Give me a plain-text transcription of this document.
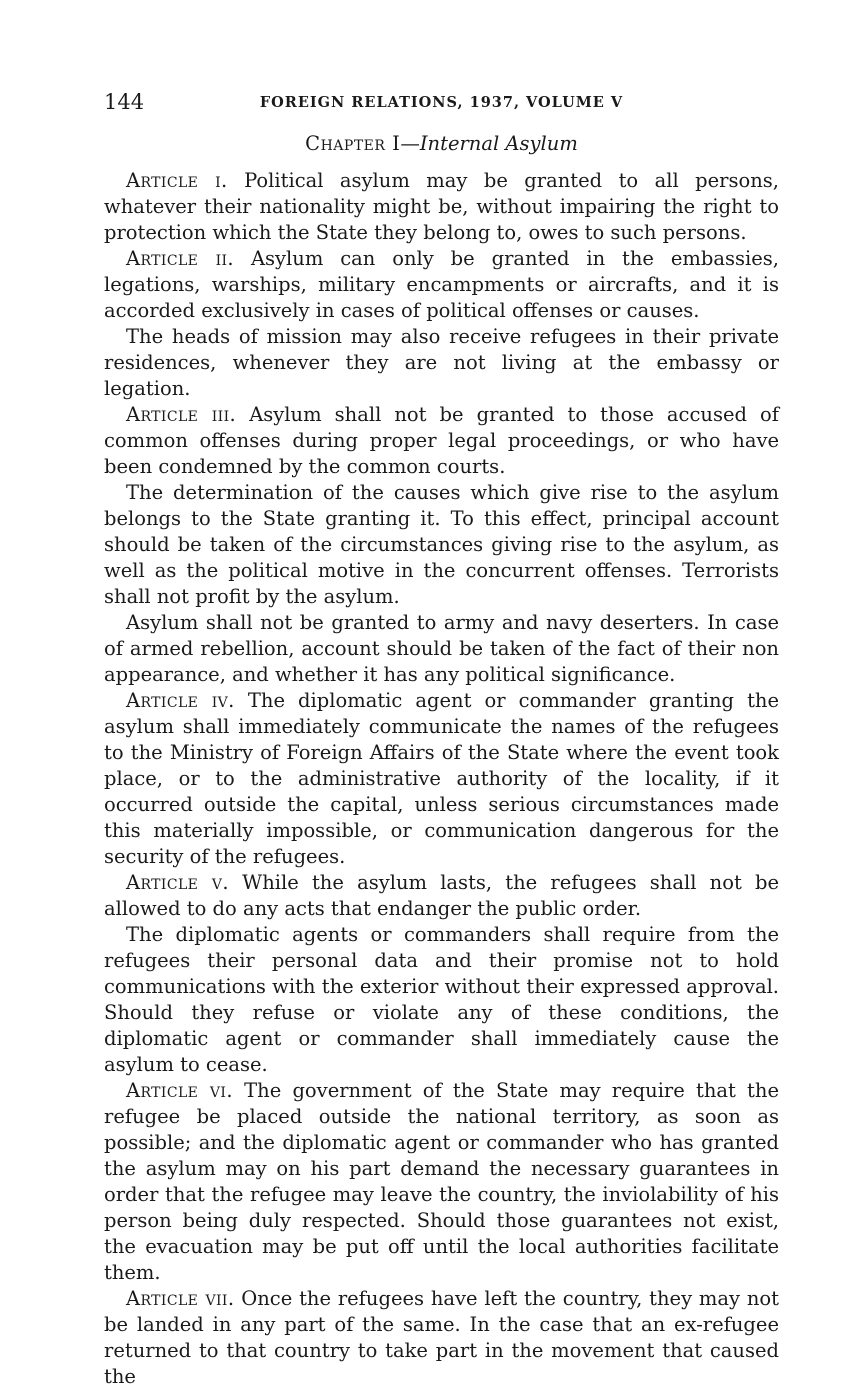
144	FOREIGN RELATIONS, 1937, VOLUME V
Chapter I—Internal Asylum

Article i. Political asylum may be granted to all persons, whatever their nationality might be, without impairing the right to protection which the State they belong to, owes to such persons.

Article ii. Asylum can only be granted in the embassies, legations, warships, military encampments or aircrafts, and it is accorded exclusively in cases of political offenses or causes.

The heads of mission may also receive refugees in their private residences, whenever they are not living at the embassy or legation.

Article iii. Asylum shall not be granted to those accused of common offenses during proper legal proceedings, or who have been condemned by the common courts.

The determination of the causes which give rise to the asylum belongs to the State granting it. To this effect, principal account should be taken of the circumstances giving rise to the asylum, as well as the political motive in the concurrent offenses. Terrorists shall not profit by the asylum.

Asylum shall not be granted to army and navy deserters. In case of armed rebellion, account should be taken of the fact of their non appearance, and whether it has any political significance.

Article iv. The diplomatic agent or commander granting the asylum shall immediately communicate the names of the refugees to the Ministry of Foreign Affairs of the State where the event took place, or to the administrative authority of the locality, if it occurred outside the capital, unless serious circumstances made this materially impossible, or communication dangerous for the security of the refugees.

Article v. While the asylum lasts, the refugees shall not be allowed to do any acts that endanger the public order.

The diplomatic agents or commanders shall require from the refugees their personal data and their promise not to hold communications with the exterior without their expressed approval. Should they refuse or violate any of these conditions, the diplomatic agent or commander shall immediately cause the asylum to cease.

Article vi. The government of the State may require that the refugee be placed outside the national territory, as soon as possible; and the diplomatic agent or commander who has granted the asylum may on his part demand the necessary guarantees in order that the refugee may leave the country, the inviolability of his person being duly respected. Should those guarantees not exist, the evacuation may be put off until the local authorities facilitate them.

Article vii. Once the refugees have left the country, they may not be landed in any part of the same. In the case that an ex-refugee returned to that country to take part in the movement that caused the
